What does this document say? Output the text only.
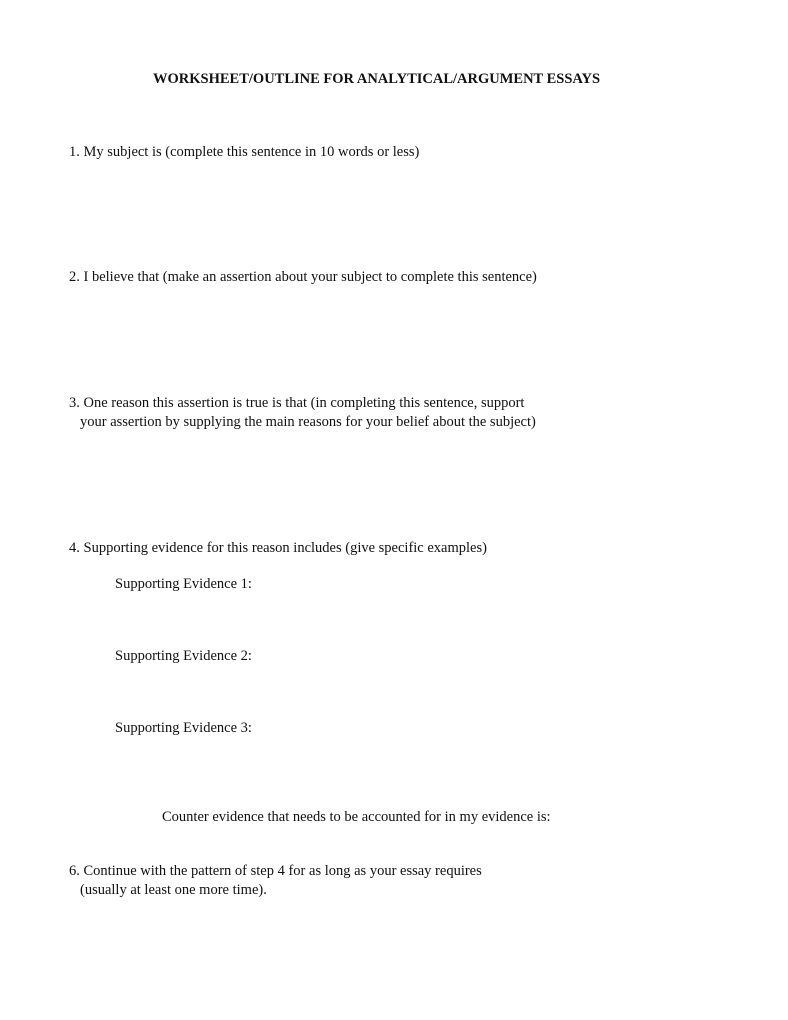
WORKSHEET/OUTLINE FOR ANALYTICAL/ARGUMENT ESSAYS
1. My subject is (complete this sentence in 10 words or less)
2. I believe that (make an assertion about your subject to complete this sentence)
3. One reason this assertion is true is that (in completing this sentence, support
your assertion by supplying the main reasons for your belief about the subject)
4. Supporting evidence for this reason includes (give specific examples)
Supporting Evidence 1:
Supporting Evidence 2:
Supporting Evidence 3:
Counter evidence that needs to be accounted for in my evidence is:
6. Continue with the pattern of step 4 for as long as your essay requires
(usually at least one more time).
